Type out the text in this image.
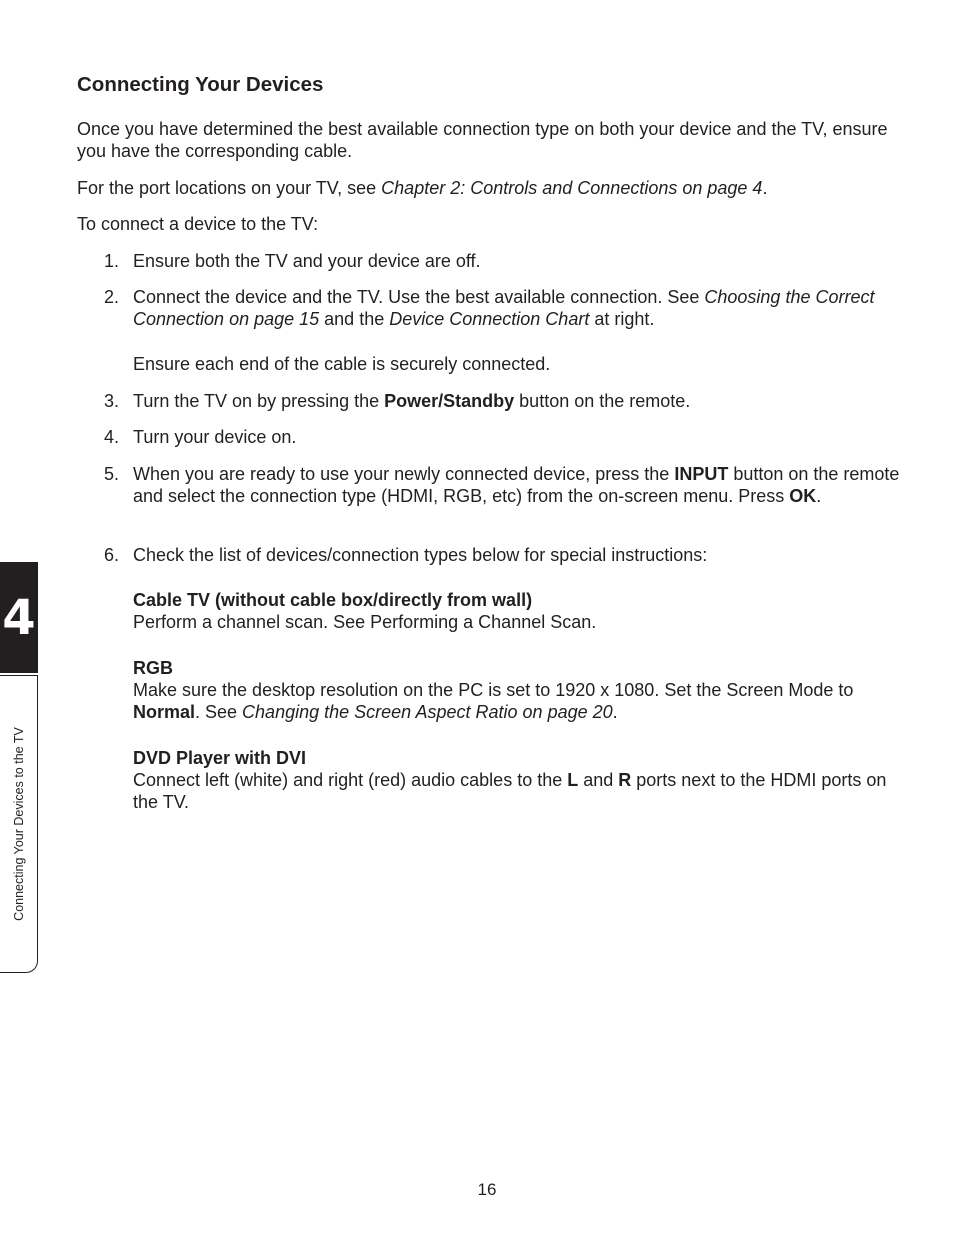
Connecting Your Devices

Once you have determined the best available connection type on both your device and the TV, ensure you have the corresponding cable.

For the port locations on your TV, see Chapter 2: Controls and Connections on page 4.

To connect a device to the TV:

1. Ensure both the TV and your device are off.

2. Connect the device and the TV. Use the best available connection. See Choosing the Correct Connection on page 15 and the Device Connection Chart at right.

Ensure each end of the cable is securely connected.

3. Turn the TV on by pressing the Power/Standby button on the remote.

4. Turn your device on.

5. When you are ready to use your newly connected device, press the INPUT button on the remote and select the connection type (HDMI, RGB, etc) from the on-screen menu. Press OK.

6. Check the list of devices/connection types below for special instructions:

Cable TV (without cable box/directly from wall)
Perform a channel scan. See Performing a Channel Scan.
RGB
Make sure the desktop resolution on the PC is set to 1920 x 1080. Set the Screen Mode to Normal. See Changing the Screen Aspect Ratio on page 20.
DVD Player with DVI
Connect left (white) and right (red) audio cables to the L and R ports next to the HDMI ports on the TV.
4
Connecting Your Devices to the TV
16
